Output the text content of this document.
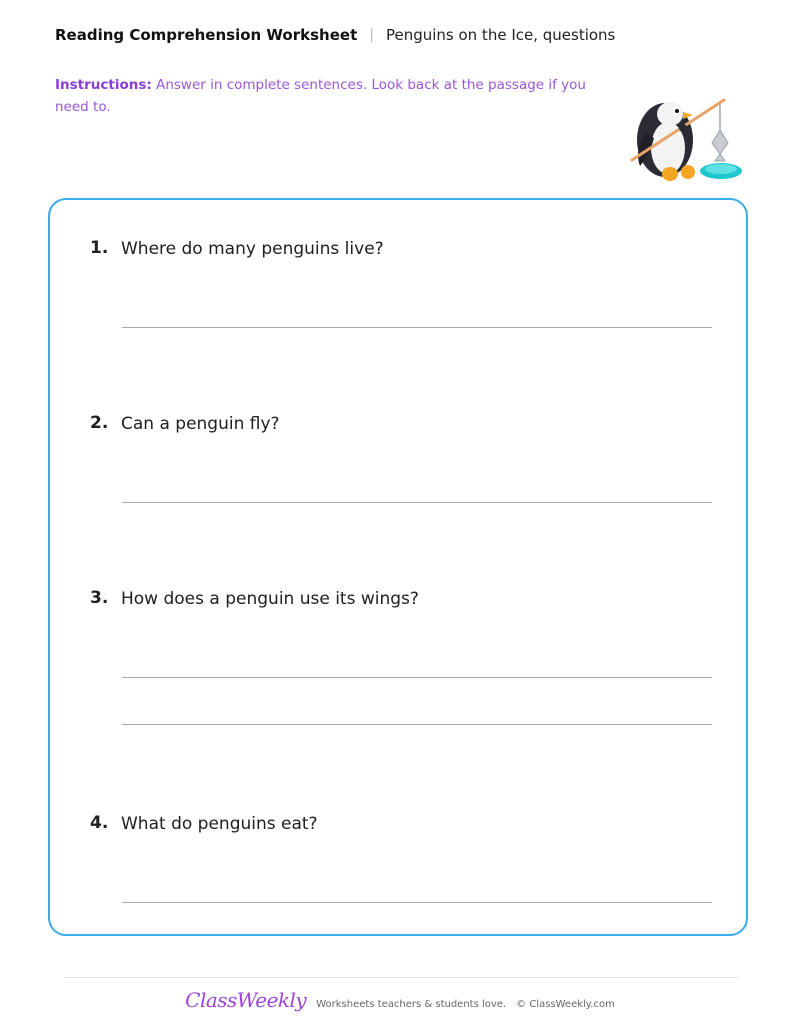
Reading Comprehension Worksheet | Penguins on the Ice, questions
Instructions: Answer in complete sentences. Look back at the passage if you need to.
1. Where do many penguins live?
2. Can a penguin fly?
3. How does a penguin use its wings?
4. What do penguins eat?
ClassWeekly Worksheets teachers & students love. © ClassWeekly.com
